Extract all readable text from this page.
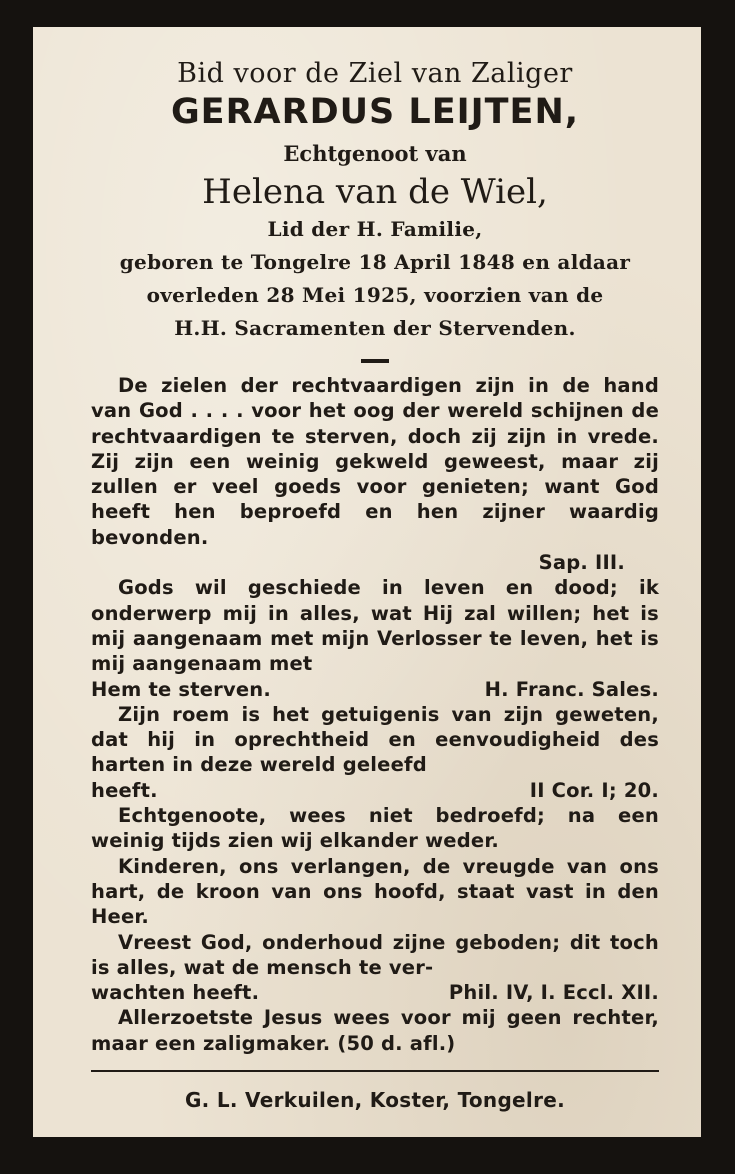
Bid voor de Ziel van Zaliger
GERARDUS LEIJTEN,
Echtgenoot van
Helena van de Wiel,
Lid der H. Familie,
geboren te Tongelre 18 April 1848 en aldaar
overleden 28 Mei 1925, voorzien van de
H.H. Sacramenten der Stervenden.

De zielen der rechtvaardigen zijn in de hand van God . . . . voor het oog der wereld schijnen de rechtvaardigen te sterven, doch zij zijn in vrede. Zij zijn een weinig gekweld geweest, maar zij zullen er veel goeds voor genieten; want God heeft hen beproefd en hen zijner waardig bevonden.

Sap. III.

Gods wil geschiede in leven en dood; ik onderwerp mij in alles, wat Hij zal willen; het is mij aangenaam met mijn Verlosser te leven, het is mij aangenaam met

Hem te sterven.	H. Franc. Sales.

Zijn roem is het getuigenis van zijn geweten, dat hij in oprechtheid en eenvoudigheid des harten in deze wereld geleefd

heeft.	II Cor. I; 20.

Echtgenoote, wees niet bedroefd; na een weinig tijds zien wij elkander weder.

Kinderen, ons verlangen, de vreugde van ons hart, de kroon van ons hoofd, staat vast in den Heer.

Vreest God, onderhoud zijne geboden; dit toch is alles, wat de mensch te ver-

wachten heeft.	Phil. IV, I. Eccl. XII.

Allerzoetste Jesus wees voor mij geen rechter, maar een zaligmaker. (50 d. afl.)

G. L. Verkuilen, Koster, Tongelre.
